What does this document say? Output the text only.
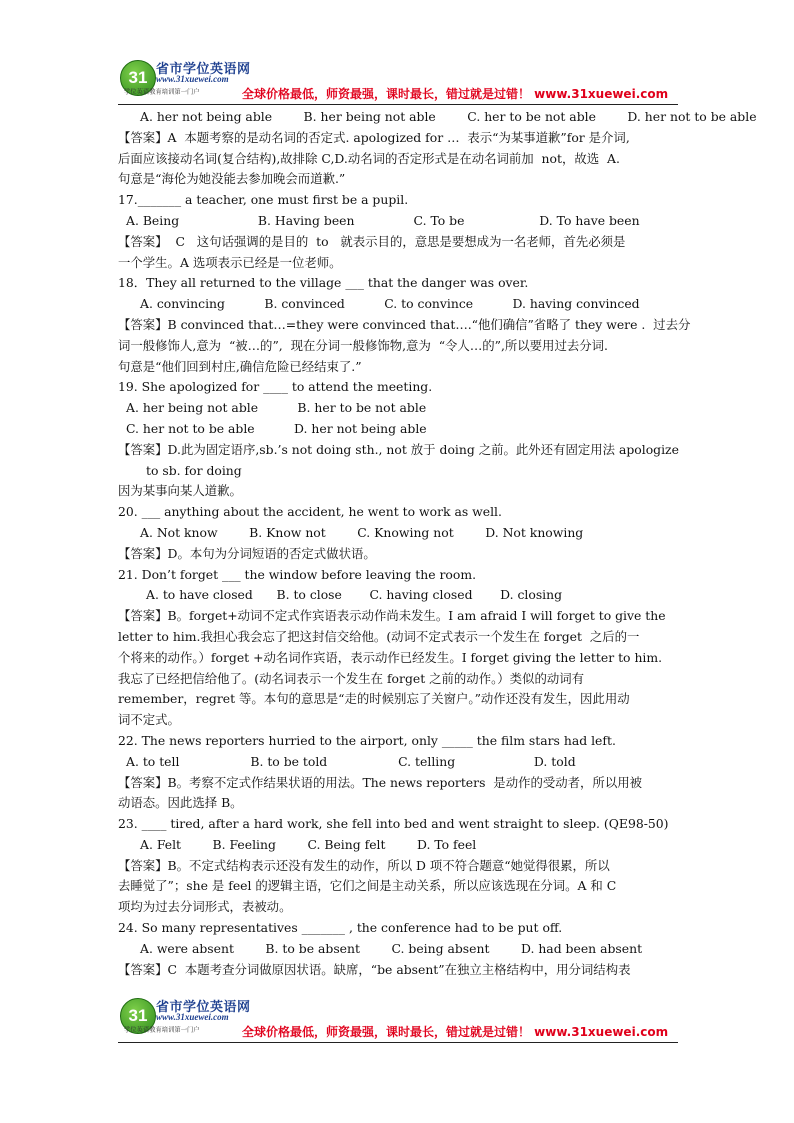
31 省市学位英语网
www.31xuewei.com
学位英语教育培训第一门户	全球价格最低，师资最强，课时最长，错过就是过错！ www.31xuewei.com
A. her not being able        B. her being not able        C. her to be not able        D. her not to be able
【答案】A  本题考察的是动名词的否定式. apologized for …  表示“为某事道歉”for 是介词,
后面应该接动名词(复合结构),故排除 C,D.动名词的否定形式是在动名词前加  not，故选  A.
句意是“海伦为她没能去参加晚会而道歉.”
17._______ a teacher, one must first be a pupil.
A. Being                    B. Having been               C. To be                   D. To have been
【答案】  C   这句话强调的是目的  to   就表示目的，意思是要想成为一名老师，首先必须是
一个学生。A 选项表示已经是一位老师。
18．They all returned to the village ___ that the danger was over.
A. convincing          B. convinced          C. to convince          D. having convinced
【答案】B convinced that…=they were convinced that….“他们确信”省略了 they were .  过去分
词一般修饰人,意为  “被…的”,  现在分词一般修饰物,意为  “令人…的”,所以要用过去分词.
句意是“他们回到村庄,确信危险已经结束了.”
19. She apologized for ____ to attend the meeting.
A. her being not able          B. her to be not able
C. her not to be able          D. her not being able
【答案】D.此为固定语序,sb.’s not doing sth., not 放于 doing 之前。此外还有固定用法 apologize
to sb. for doing
因为某事向某人道歉。
20. ___ anything about the accident, he went to work as well.
A. Not know        B. Know not        C. Knowing not        D. Not knowing
【答案】D。本句为分词短语的否定式做状语。
21. Don’t forget ___ the window before leaving the room.
A. to have closed      B. to close       C. having closed       D. closing
【答案】B。forget+动词不定式作宾语表示动作尚未发生。I am afraid I will forget to give the
letter to him.我担心我会忘了把这封信交给他。(动词不定式表示一个发生在 forget  之后的一
个将来的动作。）forget +动名词作宾语，表示动作已经发生。I forget giving the letter to him.
我忘了已经把信给他了。(动名词表示一个发生在 forget 之前的动作。）类似的动词有
remember，regret 等。本句的意思是“走的时候别忘了关窗户。”动作还没有发生，因此用动
词不定式。
22. The news reporters hurried to the airport, only _____ the film stars had left.
A. to tell                  B. to be told                  C. telling                    D. told
【答案】B。考察不定式作结果状语的用法。The news reporters  是动作的受动者，所以用被
动语态。因此选择 B。
23. ____ tired, after a hard work, she fell into bed and went straight to sleep. (QE98-50)
A. Felt        B. Feeling        C. Being felt        D. To feel
【答案】B。不定式结构表示还没有发生的动作，所以 D 项不符合题意“她觉得很累，所以
去睡觉了”；she 是 feel 的逻辑主语，它们之间是主动关系，所以应该选现在分词。A 和 C
项均为过去分词形式，表被动。
24. So many representatives _______ , the conference had to be put off.
A. were absent        B. to be absent        C. being absent        D. had been absent
【答案】C  本题考查分词做原因状语。缺席，“be absent”在独立主格结构中，用分词结构表
31 省市学位英语网
www.31xuewei.com
学位英语教育培训第一门户	全球价格最低，师资最强，课时最长，错过就是过错！ www.31xuewei.com
